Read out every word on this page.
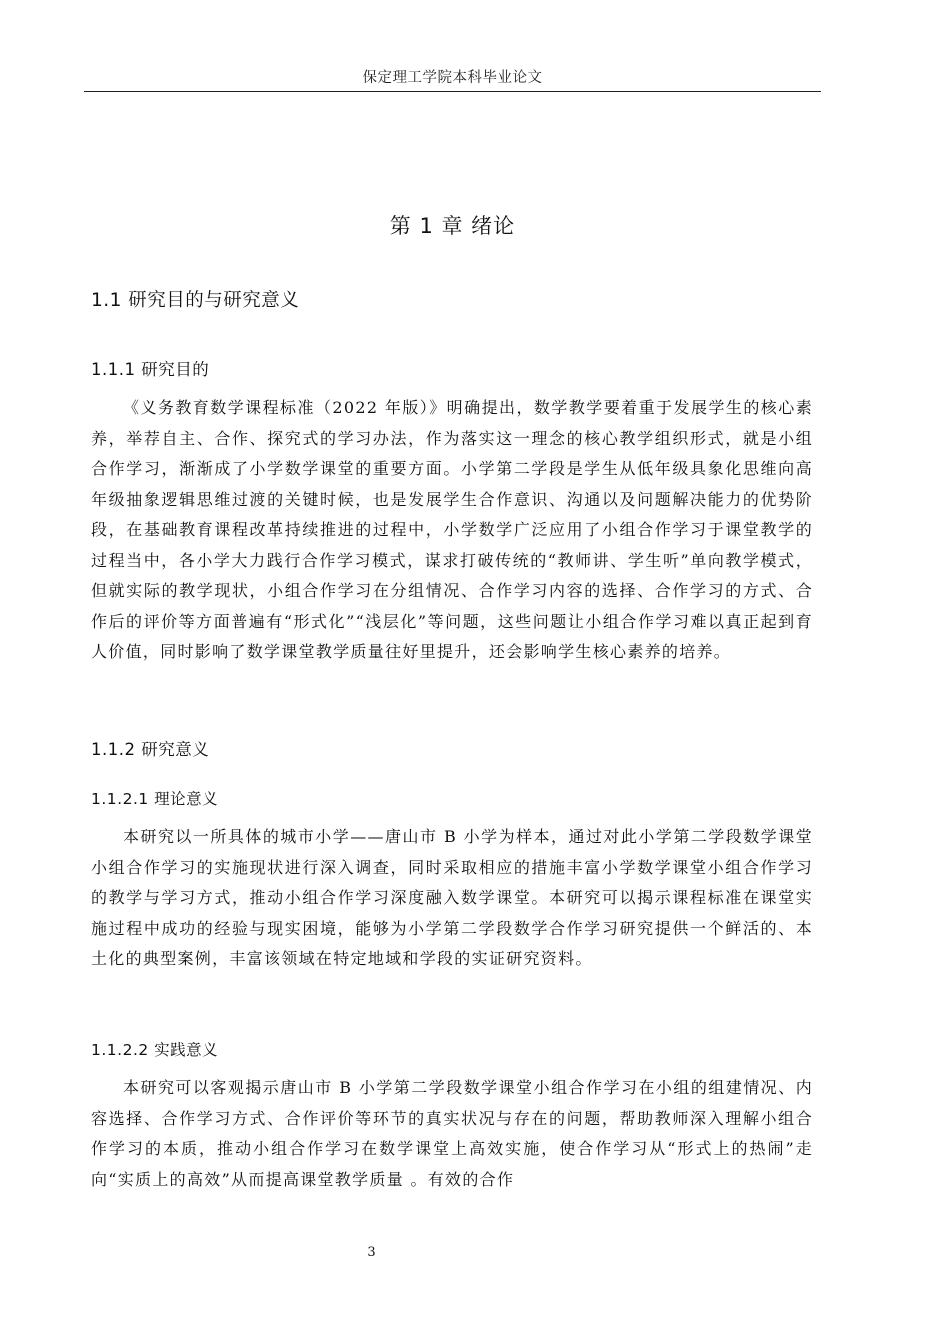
保定理工学院本科毕业论文
第 1 章 绪论
1.1 研究目的与研究意义
1.1.1 研究目的

《义务教育数学课程标准（2022 年版）》明确提出，数学教学要着重于发展学生的核心素养，举荐自主、合作、探究式的学习办法，作为落实这一理念的核心教学组织形式，就是小组合作学习，渐渐成了小学数学课堂的重要方面。小学第二学段是学生从低年级具象化思维向高年级抽象逻辑思维过渡的关键时候，也是发展学生合作意识、沟通以及问题解决能力的优势阶段，在基础教育课程改革持续推进的过程中，小学数学广泛应用了小组合作学习于课堂教学的过程当中，各小学大力践行合作学习模式，谋求打破传统的“教师讲、学生听”单向教学模式，但就实际的教学现状，小组合作学习在分组情况、合作学习内容的选择、合作学习的方式、合作后的评价等方面普遍有“形式化”“浅层化”等问题，这些问题让小组合作学习难以真正起到育人价值，同时影响了数学课堂教学质量往好里提升，还会影响学生核心素养的培养。

1.1.2 研究意义
1.1.2.1 理论意义

本研究以一所具体的城市小学——唐山市 B 小学为样本，通过对此小学第二学段数学课堂小组合作学习的实施现状进行深入调查，同时采取相应的措施丰富小学数学课堂小组合作学习的教学与学习方式，推动小组合作学习深度融入数学课堂。本研究可以揭示课程标准在课堂实施过程中成功的经验与现实困境，能够为小学第二学段数学合作学习研究提供一个鲜活的、本土化的典型案例，丰富该领域在特定地域和学段的实证研究资料。

1.1.2.2 实践意义

本研究可以客观揭示唐山市 B 小学第二学段数学课堂小组合作学习在小组的组建情况、内容选择、合作学习方式、合作评价等环节的真实状况与存在的问题，帮助教师深入理解小组合作学习的本质，推动小组合作学习在数学课堂上高效实施，使合作学习从“形式上的热闹”走向“实质上的高效”从而提高课堂教学质量 。有效的合作

3
